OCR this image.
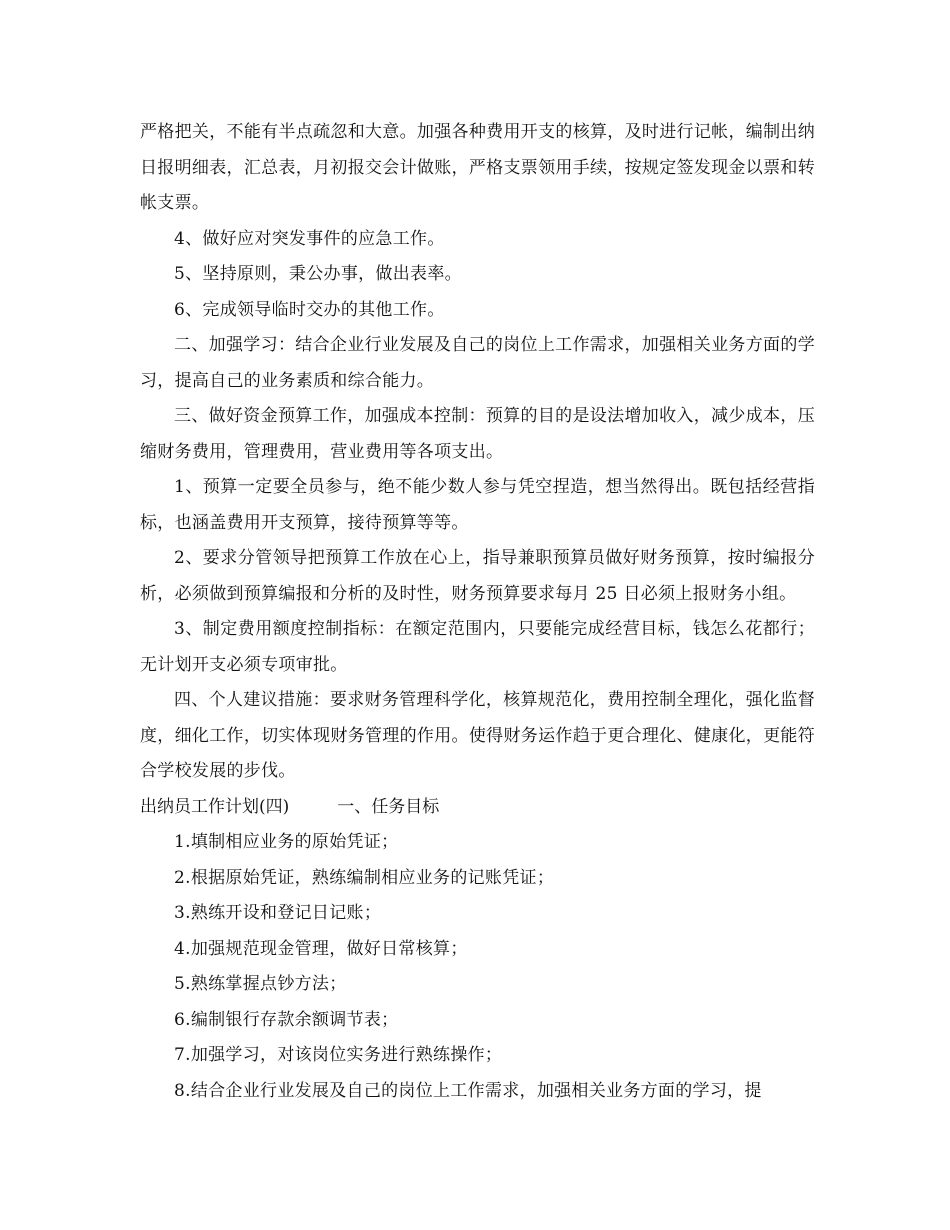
严格把关，不能有半点疏忽和大意。加强各种费用开支的核算，及时进行记帐，编制出纳日报明细表，汇总表，月初报交会计做账，严格支票领用手续，按规定签发现金以票和转帐支票。

4、做好应对突发事件的应急工作。

5、坚持原则，秉公办事，做出表率。

6、完成领导临时交办的其他工作。

二、加强学习：结合企业行业发展及自己的岗位上工作需求，加强相关业务方面的学习，提高自己的业务素质和综合能力。

三、做好资金预算工作，加强成本控制：预算的目的是设法增加收入，减少成本，压缩财务费用，管理费用，营业费用等各项支出。

1、预算一定要全员参与，绝不能少数人参与凭空捏造，想当然得出。既包括经营指标，也涵盖费用开支预算，接待预算等等。

2、要求分管领导把预算工作放在心上，指导兼职预算员做好财务预算，按时编报分析，必须做到预算编报和分析的及时性，财务预算要求每月 25 日必须上报财务小组。

3、制定费用额度控制指标：在额定范围内，只要能完成经营目标，钱怎么花都行；无计划开支必须专项审批。

四、个人建议措施：要求财务管理科学化，核算规范化，费用控制全理化，强化监督度，细化工作，切实体现财务管理的作用。使得财务运作趋于更合理化、健康化，更能符合学校发展的步伐。

出纳员工作计划(四)	一、任务目标

1.填制相应业务的原始凭证；

2.根据原始凭证，熟练编制相应业务的记账凭证；

3.熟练开设和登记日记账；

4.加强规范现金管理，做好日常核算；

5.熟练掌握点钞方法；

6.编制银行存款余额调节表；

7.加强学习，对该岗位实务进行熟练操作；

8.结合企业行业发展及自己的岗位上工作需求，加强相关业务方面的学习，提
